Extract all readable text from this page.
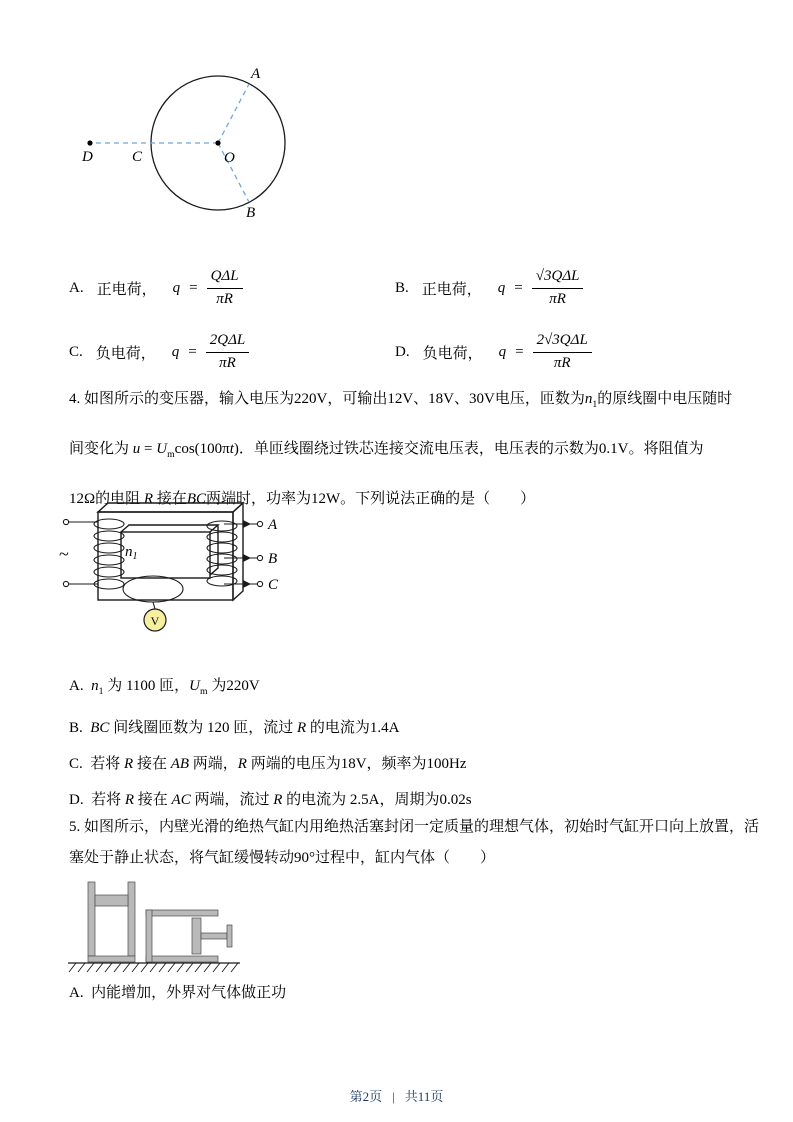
A
B
C
D	O
A. 正电荷， $q = \frac{\text{QΔL}}{\pi R}$	B. 正电荷， $q = \frac{\text{√3QΔL}}{\pi R}$
C. 负电荷， $q = \frac{\text{2QΔL}}{\pi R}$	D. 负电荷， $q = \frac{\text{2√3QΔL}}{\pi R}$
4. 如图所示的变压器，输入电压为220V，可输出12V、18V、30V电压，匝数为$n_1$的原线圈中电压随时
间变化为 $u = U_m\cos(100\pi t)$．单匝线圈绕过铁芯连接交流电压表，电压表的示数为0.1V。将阻值为
12Ω的电阻 R 接在BC两端时，功率为12W。下列说法正确的是（　　）
~	$n_1$
A
B
C
V
A.  $n_1$ 为 1100 匝，$U_m$ 为220V
B.  BC 间线圈匝数为 120 匝，流过 R 的电流为1.4A
C.  若将 R 接在 AB 两端，R 两端的电压为18V，频率为100Hz
D.  若将 R 接在 AC 两端，流过 R 的电流为 2.5A，周期为0.02s
5. 如图所示，内壁光滑的绝热气缸内用绝热活塞封闭一定质量的理想气体，初始时气缸开口向上放置，活
塞处于静止状态，将气缸缓慢转动90°过程中，缸内气体（　　）
A.  内能增加，外界对气体做正功
第2页 | 共11页
